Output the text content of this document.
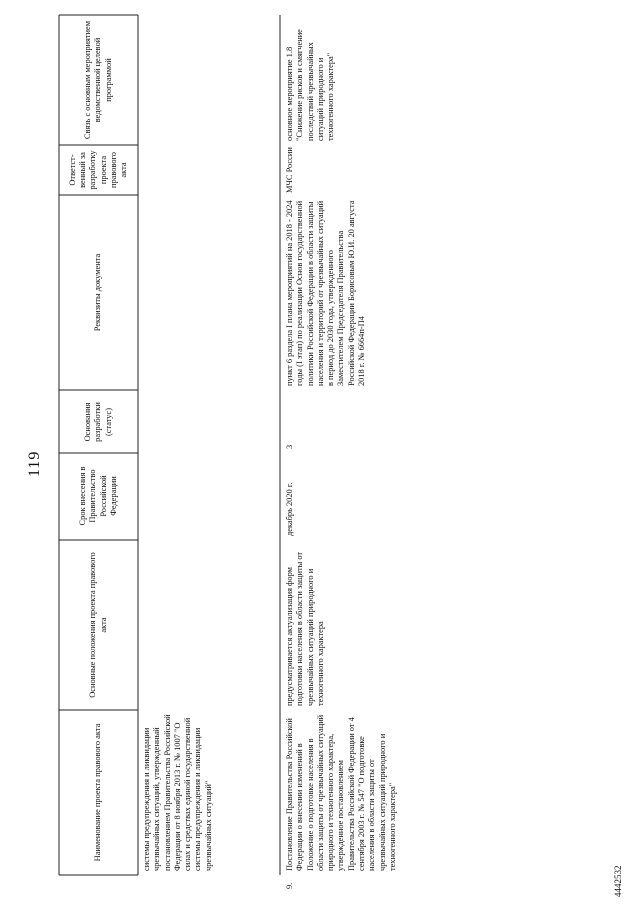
119
Наименование проекта правового акта
Основные положения проекта правового акта
Срок внесения в Правительство Российской Федерации
Основания разработки (статус)
Реквизиты документа
Ответст-венный за разработку проекта правового акта
Связь с основным мероприятием ведомственной целевой программой
системы предупреждения и ликвидации чрезвычайных ситуаций, утвержденный постановлением Правительства Российской Федерации от 8 ноября 2013 г. № 1007 "О силах и средствах единой государственной системы предупреждения и ликвидации чрезвычайных ситуаций"
9.
Постановление Правительства Российской Федерации о внесении изменений в Положение о подготовке населения в области защиты от чрезвычайных ситуаций природного и техногенного характера, утвержденное постановлением Правительства Российской Федерации от 4 сентября 2003 г. № 547 "О подготовке населения в области защиты от чрезвычайных ситуаций природного и техногенного характера"
предусматривается актуализация форм подготовки населения в области защиты от чрезвычайных ситуаций природного и техногенного характера
декабрь 2020 г.
3
пункт 6 раздела I плана мероприятий на 2018 - 2024 годы (I этап) по реализации Основ государственной политики Российской Федерации в области защиты населения и территорий от чрезвычайных ситуаций в период до 2030 года, утвержденного Заместителем Председателя Правительства Российской Федерации Борисовым Ю.И. 20 августа 2018 г. № 6664п-П4
МЧС России
основное мероприятие 1.8 "Снижение рисков и смягчение последствий чрезвычайных ситуаций природного и техногенного характера"
4442532
